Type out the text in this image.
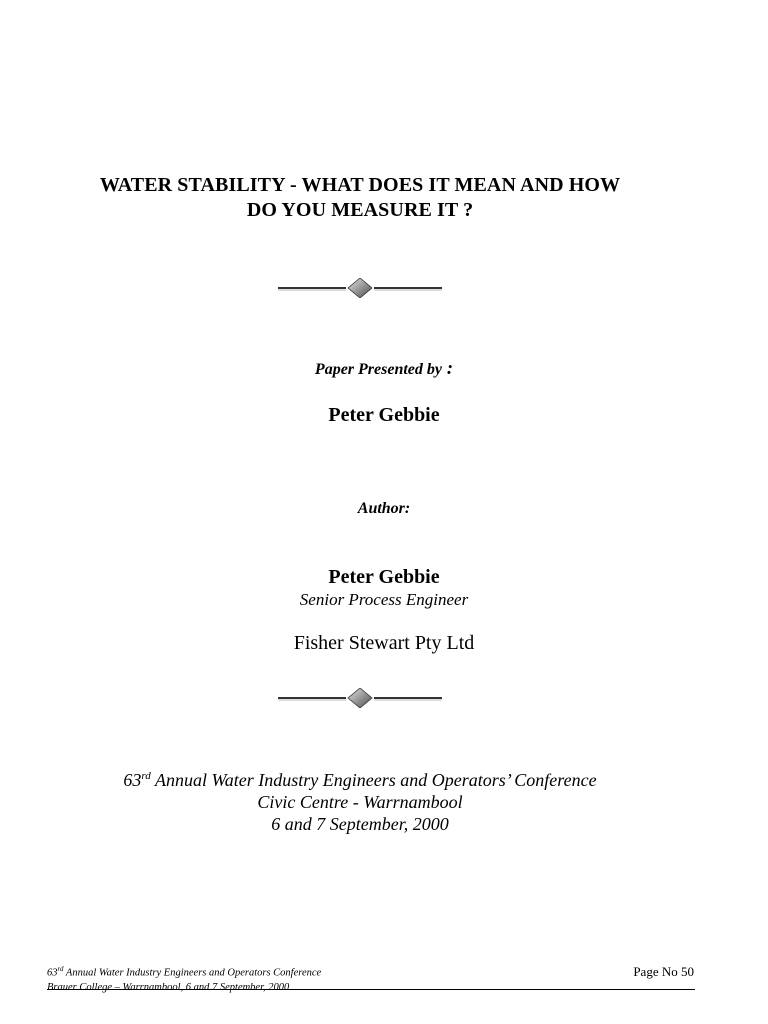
WATER STABILITY - WHAT DOES IT MEAN AND HOW
DO YOU MEASURE IT ?
Paper Presented by :
Peter Gebbie
Author:
Peter Gebbie
Senior Process Engineer
Fisher Stewart Pty Ltd
63rd Annual Water Industry Engineers and Operators’ Conference
Civic Centre - Warrnambool
6 and 7 September, 2000
63rd Annual Water Industry Engineers and Operators Conference
Brauer College – Warrnambool, 6 and 7 September, 2000
Page No 50
